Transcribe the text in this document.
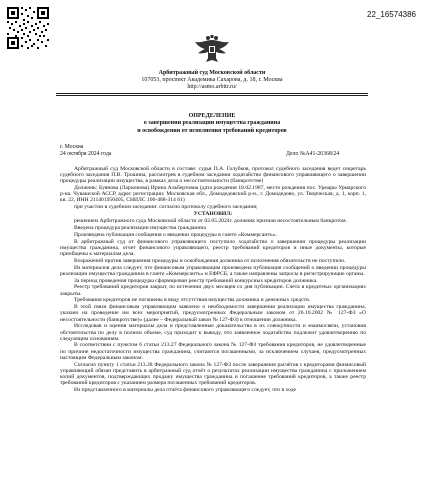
22_16574386
Арбитражный суд Московской области
107053, проспект Академика Сахарова, д. 18, г. Москва
http://asmo.arbitr.ru/
ОПРЕДЕЛЕНИЕ
о завершении реализации имущества гражданина
и освобождении от исполнения требований кредиторов
г. Москва
24 октября 2024 года	Дело №А41-26368/24

Арбитражный суд Московской области в составе: судья П.А. Голубков, протокол судебного заседания ведет секретарь судебного заседания П.В. Трошина, рассмотрев в судебном заседании ходатайство финансового управляющего о завершении процедуры реализации имущества, в рамках дела о несостоятельности (банкротстве)

Должник: Буянова (Ларионова) Ирина Альбертовна (дата рождения 18.02.1987, место рождения пос. Урмары Урмарского р-на. Чувашской АССР, адрес регистрации: Московская обл., Домодедовский р-н., г. Домодедово, ул. Творческая, д. 1, корп. 1, кв. 22, ИНН 211401950405, СНИЛС 106-488-314 61)

при участии в судебном заседании: согласно протоколу судебного заседания;

УСТАНОВИЛ:

решением Арбитражного суда Московской области от 02.05.2024г. должник признан несостоятельным банкротом.

Введена процедура реализации имущества гражданина

Произведена публикация сообщения о введении процедуры в газете «Коммерсантъ».

В арбитражный суд от финансового управляющего поступило ходатайство о завершении процедуры реализации имущества гражданина, отчет финансового управляющего, реестр требований кредиторов и иные документы, которые приобщены к материалам дела.

Возражений против завершения процедуры и освобождения должника от исполнения обязательств не поступило.

Из материалов дела следует, что финансовым управляющим произведена публикация сообщений о введении процедуры реализации имущества гражданина в газете «Коммерсантъ» и ЕФРСБ, а также направлены запросы в регистрирующие органы.

За период проведения процедуры сформирован реестр требований конкурсных кредиторов должника.

Реестр требований кредиторов закрыт, по истечении двух месяцев со дня публикации. Счета в кредитных организациях закрыты.

Требования кредиторов не погашены в виду отсутствия имущества должника и денежных средств.

В этой связи финансовым управляющим заявлено о необходимости завершения реализации имущества гражданина, указано на проведение им всех мероприятий, предусмотренных Федеральным законом от 26.10.2002 № 127-ФЗ «О несостоятельности (банкротстве)» (далее – Федеральный закон № 127-ФЗ) в отношении должника.

Исследовав и оценив материалы дела и представленные доказательства в их совокупности и взаимосвязи, установив обстоятельства по делу в полном объеме, суд приходит к выводу, что заявленное ходатайство подлежит удовлетворению по следующим основаниям.

В соответствии с пунктом 6 статьи 213.27 Федерального закона № 127-ФЗ требования кредиторов, не удовлетворенные по причине недостаточности имущества гражданина, считаются погашенными, за исключением случаев, предусмотренных настоящим Федеральным законом.

Согласно пункту 1 статьи 213.28 Федерального закона № 127-ФЗ после завершения расчётов с кредиторами финансовый управляющий обязан представить в арбитражный суд отчёт о результатах реализации имущества гражданина с приложением копий документов, подтверждающих продажу имущества гражданина и погашение требований кредиторов, а также реестр требований кредиторов с указанием размера погашенных требований кредиторов.

Из представленного в материалы дела отчёта финансового управляющего следует, что в ходе
